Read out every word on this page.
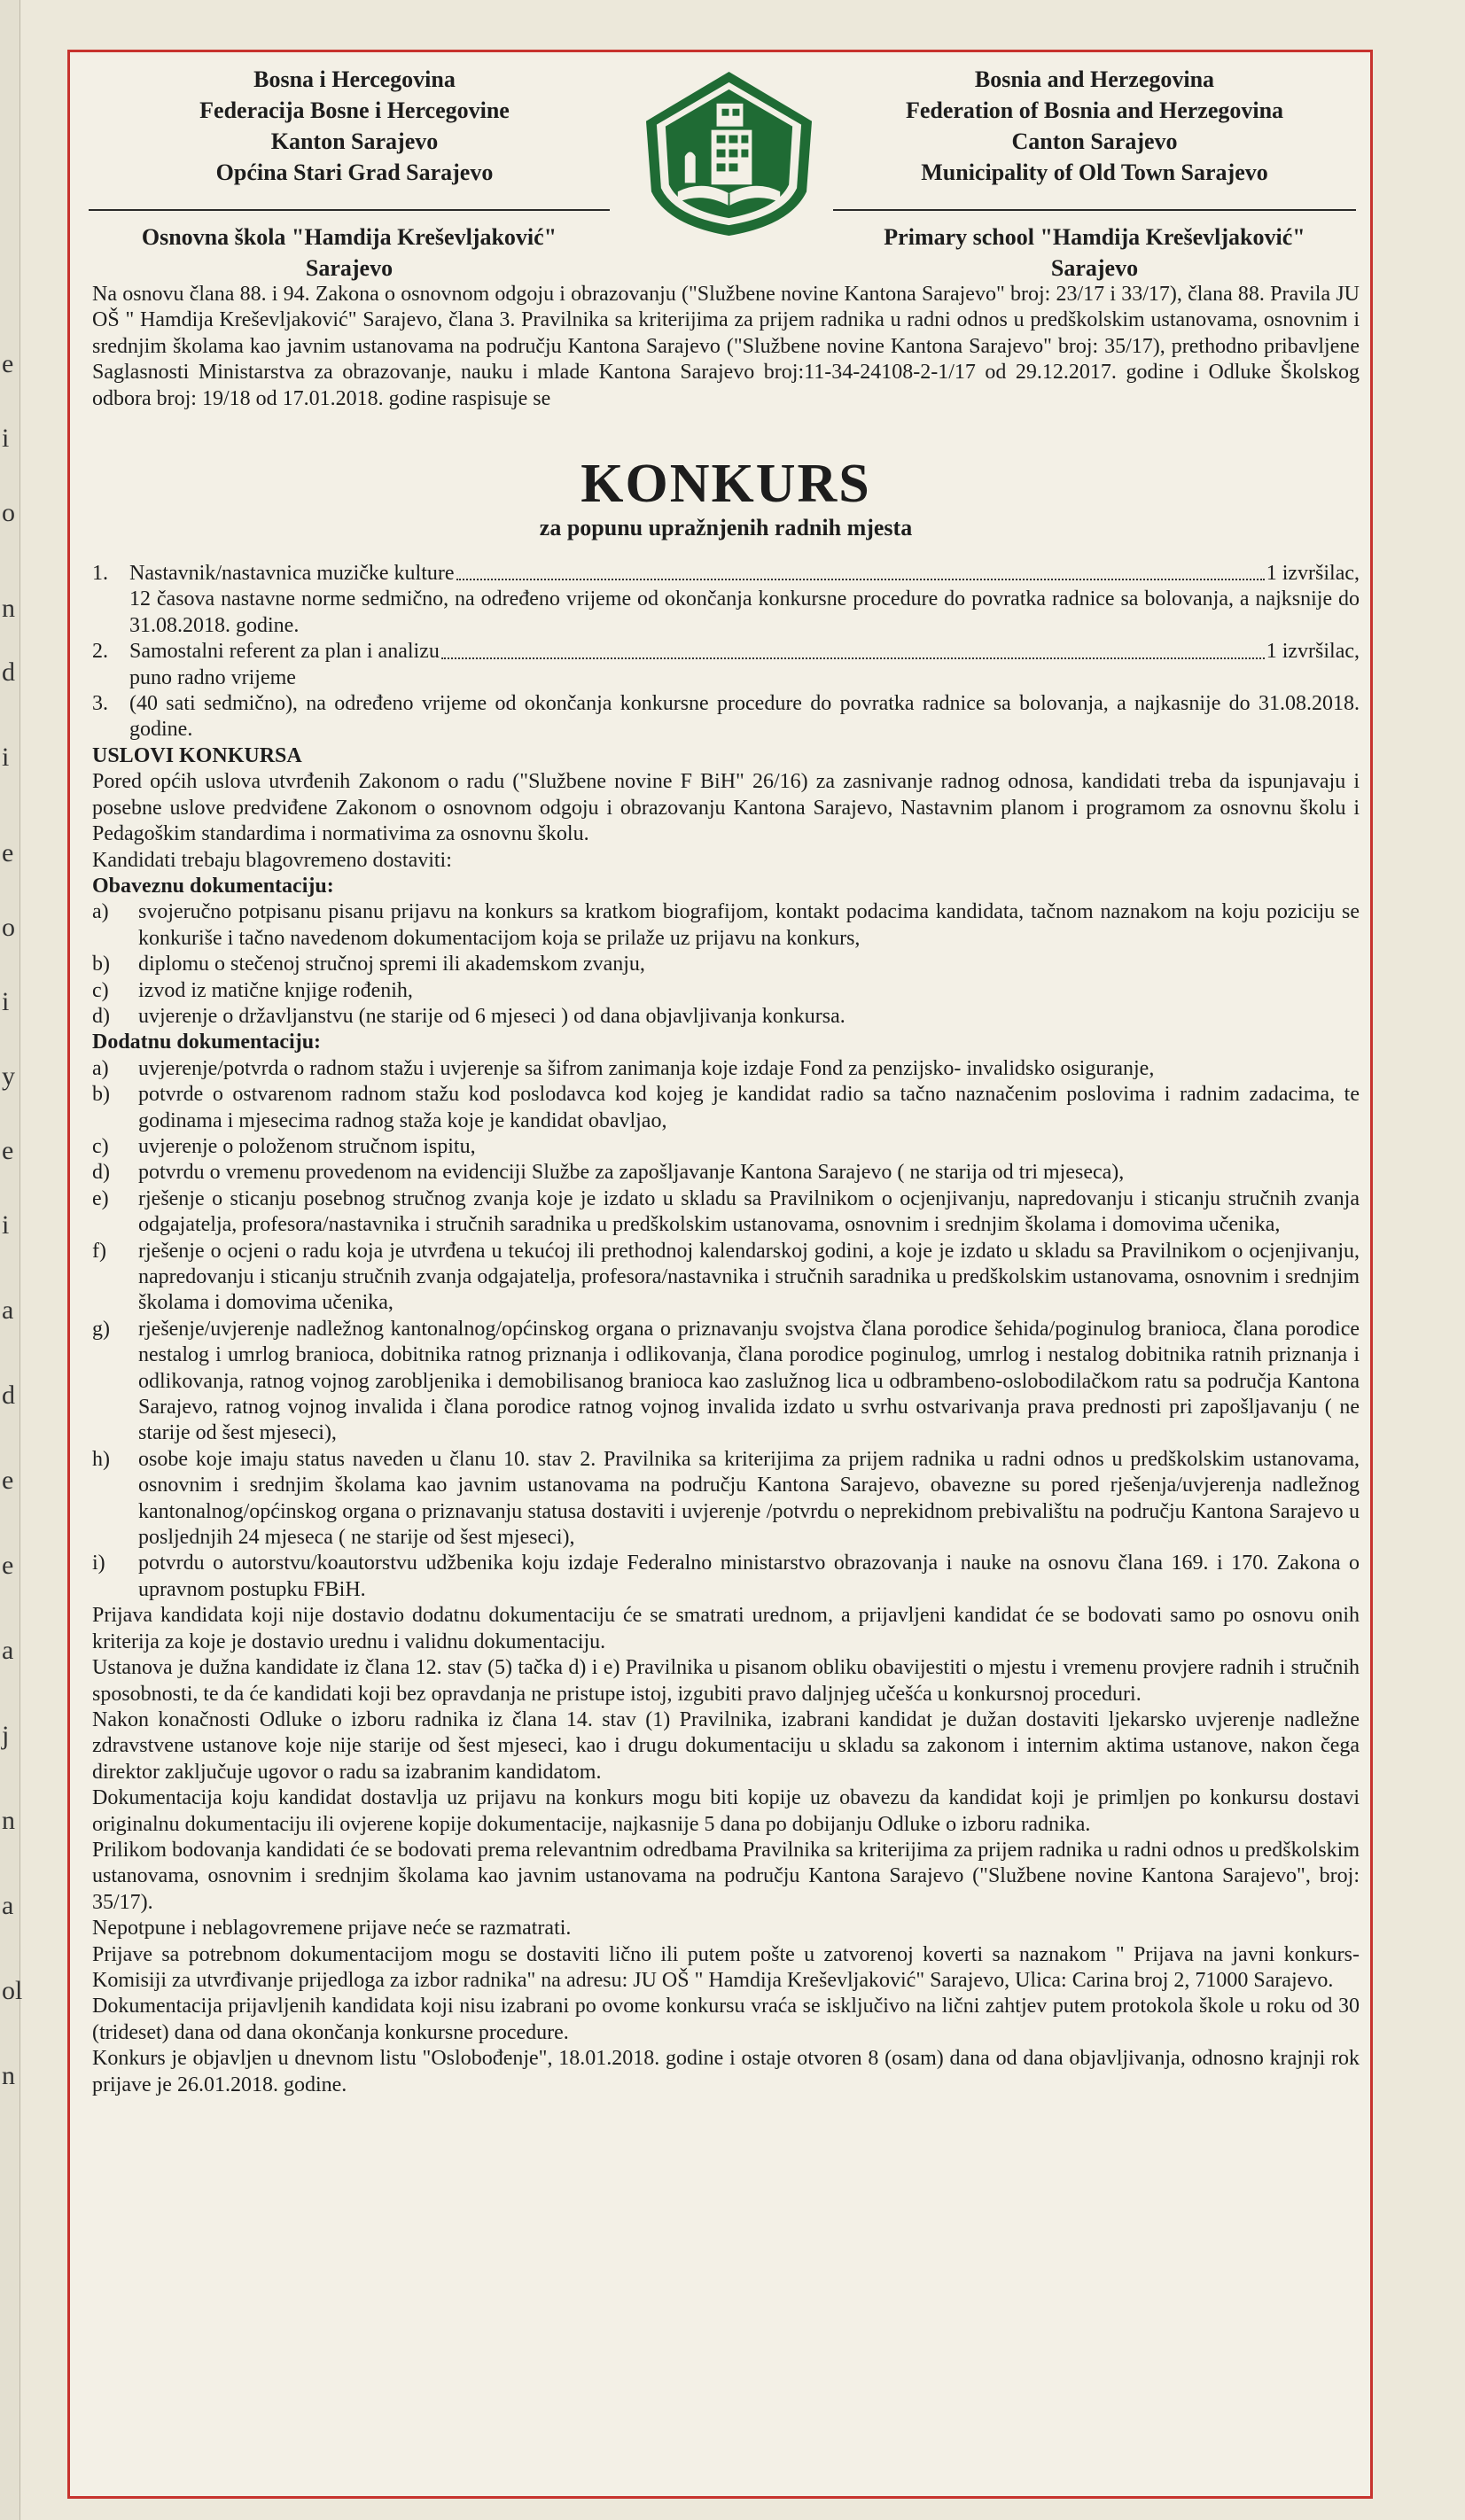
e
i
o
n
d
i
e
o
i
y
e
i
a
d
e
e
a
j
n
a
ol
n
Bosna i Hercegovina
Federacija Bosne i Hercegovine
Kanton Sarajevo
Općina Stari Grad Sarajevo
Osnovna škola "Hamdija Kreševljaković"
Sarajevo
Bosnia and Herzegovina
Federation of Bosnia and Herzegovina
Canton Sarajevo
Municipality of Old Town Sarajevo
Primary school "Hamdija Kreševljaković"
Sarajevo

Na osnovu člana 88. i 94. Zakona o osnovnom odgoju i obrazovanju ("Službene novine Kantona Sarajevo" broj: 23/17 i 33/17), člana 88. Pravila JU OŠ " Hamdija Kreševljaković" Sarajevo, člana 3. Pravilnika sa kriterijima za prijem radnika u radni odnos u predškolskim ustanovama, osnovnim i srednjim školama kao javnim ustanovama na području Kantona Sarajevo ("Službene novine Kantona Sarajevo" broj: 35/17), prethodno pribavljene Saglasnosti Ministarstva za obrazovanje, nauku i mlade Kantona Sarajevo broj:11-34-24108-2-1/17 od 29.12.2017. godine i Odluke Školskog odbora broj: 19/18 od 17.01.2018. godine raspisuje se

KONKURS
za popunu upražnjenih radnih mjesta
1.	Nastavnik/nastavnica muzičke kulture	1 izvršilac,
12 časova nastavne norme sedmično, na određeno vrijeme od okončanja konkursne procedure do povratka radnice sa bolovanja, a najksnije do 31.08.2018. godine.
2.	Samostalni referent za plan i analizu	1 izvršilac,
puno radno vrijeme
3.	(40 sati sedmično), na određeno vrijeme od okončanja konkursne procedure do povratka radnice sa bolovanja, a najkasnije do 31.08.2018. godine.

USLOVI KONKURSA

Pored općih uslova utvrđenih Zakonom o radu ("Službene novine F BiH" 26/16) za zasnivanje radnog odnosa, kandidati treba da ispunjavaju i posebne uslove predviđene Zakonom o osnovnom odgoju i obrazovanju Kantona Sarajevo, Nastavnim planom i programom za osnovnu školu i Pedagoškim standardima i normativima za osnovnu školu.

Kandidati trebaju blagovremeno dostaviti:

Obaveznu dokumentaciju:

a)	svojeručno potpisanu pisanu prijavu na konkurs sa kratkom biografijom, kontakt podacima kandidata, tačnom naznakom na koju poziciju se konkuriše i tačno navedenom dokumentacijom koja se prilaže uz prijavu na konkurs,
b)	diplomu o stečenoj stručnoj spremi ili akademskom zvanju,
c)	izvod iz matične knjige rođenih,
d)	uvjerenje o državljanstvu (ne starije od 6 mjeseci ) od dana objavljivanja konkursa.

Dodatnu dokumentaciju:

a)	uvjerenje/potvrda o radnom stažu i uvjerenje sa šifrom zanimanja koje izdaje Fond za penzijsko- invalidsko osiguranje,
b)	potvrde o ostvarenom radnom stažu kod poslodavca kod kojeg je kandidat radio sa tačno naznačenim poslovima i radnim zadacima, te godinama i mjesecima radnog staža koje je kandidat obavljao,
c)	uvjerenje o položenom stručnom ispitu,
d)	potvrdu o vremenu provedenom na evidenciji Službe za zapošljavanje Kantona Sarajevo ( ne starija od tri mjeseca),
e)	rješenje o sticanju posebnog stručnog zvanja koje je izdato u skladu sa Pravilnikom o ocjenjivanju, napredovanju i sticanju stručnih zvanja odgajatelja, profesora/nastavnika i stručnih saradnika u predškolskim ustanovama, osnovnim i srednjim školama i domovima učenika,
f)	rješenje o ocjeni o radu koja je utvrđena u tekućoj ili prethodnoj kalendarskoj godini, a koje je izdato u skladu sa Pravilnikom o ocjenjivanju, napredovanju i sticanju stručnih zvanja odgajatelja, profesora/nastavnika i stručnih saradnika u predškolskim ustanovama, osnovnim i srednjim školama i domovima učenika,
g)	rješenje/uvjerenje nadležnog kantonalnog/općinskog organa o priznavanju svojstva člana porodice šehida/poginulog branioca, člana porodice nestalog i umrlog branioca, dobitnika ratnog priznanja i odlikovanja, člana porodice poginulog, umrlog i nestalog dobitnika ratnih priznanja i odlikovanja, ratnog vojnog zarobljenika i demobilisanog branioca kao zaslužnog lica u odbrambeno-oslobodilačkom ratu sa područja Kantona Sarajevo, ratnog vojnog invalida i člana porodice ratnog vojnog invalida izdato u svrhu ostvarivanja prava prednosti pri zapošljavanju ( ne starije od šest mjeseci),
h)	osobe koje imaju status naveden u članu 10. stav 2. Pravilnika sa kriterijima za prijem radnika u radni odnos u predškolskim ustanovama, osnovnim i srednjim školama kao javnim ustanovama na području Kantona Sarajevo, obavezne su pored rješenja/uvjerenja nadležnog kantonalnog/općinskog organa o priznavanju statusa dostaviti i uvjerenje /potvrdu o neprekidnom prebivalištu na području Kantona Sarajevo u posljednjih 24 mjeseca ( ne starije od šest mjeseci),
i)	potvrdu o autorstvu/koautorstvu udžbenika koju izdaje Federalno ministarstvo obrazovanja i nauke na osnovu člana 169. i 170. Zakona o upravnom postupku FBiH.

Prijava kandidata koji nije dostavio dodatnu dokumentaciju će se smatrati urednom, a prijavljeni kandidat će se bodovati samo po osnovu onih kriterija za koje je dostavio urednu i validnu dokumentaciju.

Ustanova je dužna kandidate iz člana 12. stav (5) tačka d) i e) Pravilnika u pisanom obliku obavijestiti o mjestu i vremenu provjere radnih i stručnih sposobnosti, te da će kandidati koji bez opravdanja ne pristupe istoj, izgubiti pravo daljnjeg učešća u konkursnoj proceduri.

Nakon konačnosti Odluke o izboru radnika iz člana 14. stav (1) Pravilnika, izabrani kandidat je dužan dostaviti ljekarsko uvjerenje nadležne zdravstvene ustanove koje nije starije od šest mjeseci, kao i drugu dokumentaciju u skladu sa zakonom i internim aktima ustanove, nakon čega direktor zaključuje ugovor o radu sa izabranim kandidatom.

Dokumentacija koju kandidat dostavlja uz prijavu na konkurs mogu biti kopije uz obavezu da kandidat koji je primljen po konkursu dostavi originalnu dokumentaciju ili ovjerene kopije dokumentacije, najkasnije 5 dana po dobijanju Odluke o izboru radnika.

Prilikom bodovanja kandidati će se bodovati prema relevantnim odredbama Pravilnika sa kriterijima za prijem radnika u radni odnos u predškolskim ustanovama, osnovnim i srednjim školama kao javnim ustanovama na području Kantona Sarajevo ("Službene novine Kantona Sarajevo", broj: 35/17).

Nepotpune i neblagovremene prijave neće se razmatrati.

Prijave sa potrebnom dokumentacijom mogu se dostaviti lično ili putem pošte u zatvorenoj koverti sa naznakom " Prijava na javni konkurs- Komisiji za utvrđivanje prijedloga za izbor radnika" na adresu: JU OŠ " Hamdija Kreševljaković" Sarajevo, Ulica: Carina broj 2, 71000 Sarajevo.

Dokumentacija prijavljenih kandidata koji nisu izabrani po ovome konkursu vraća se isključivo na lični zahtjev putem protokola škole u roku od 30 (trideset) dana od dana okončanja konkursne procedure.

Konkurs je objavljen u dnevnom listu "Oslobođenje", 18.01.2018. godine i ostaje otvoren 8 (osam) dana od dana objavljivanja, odnosno krajnji rok prijave je 26.01.2018. godine.
